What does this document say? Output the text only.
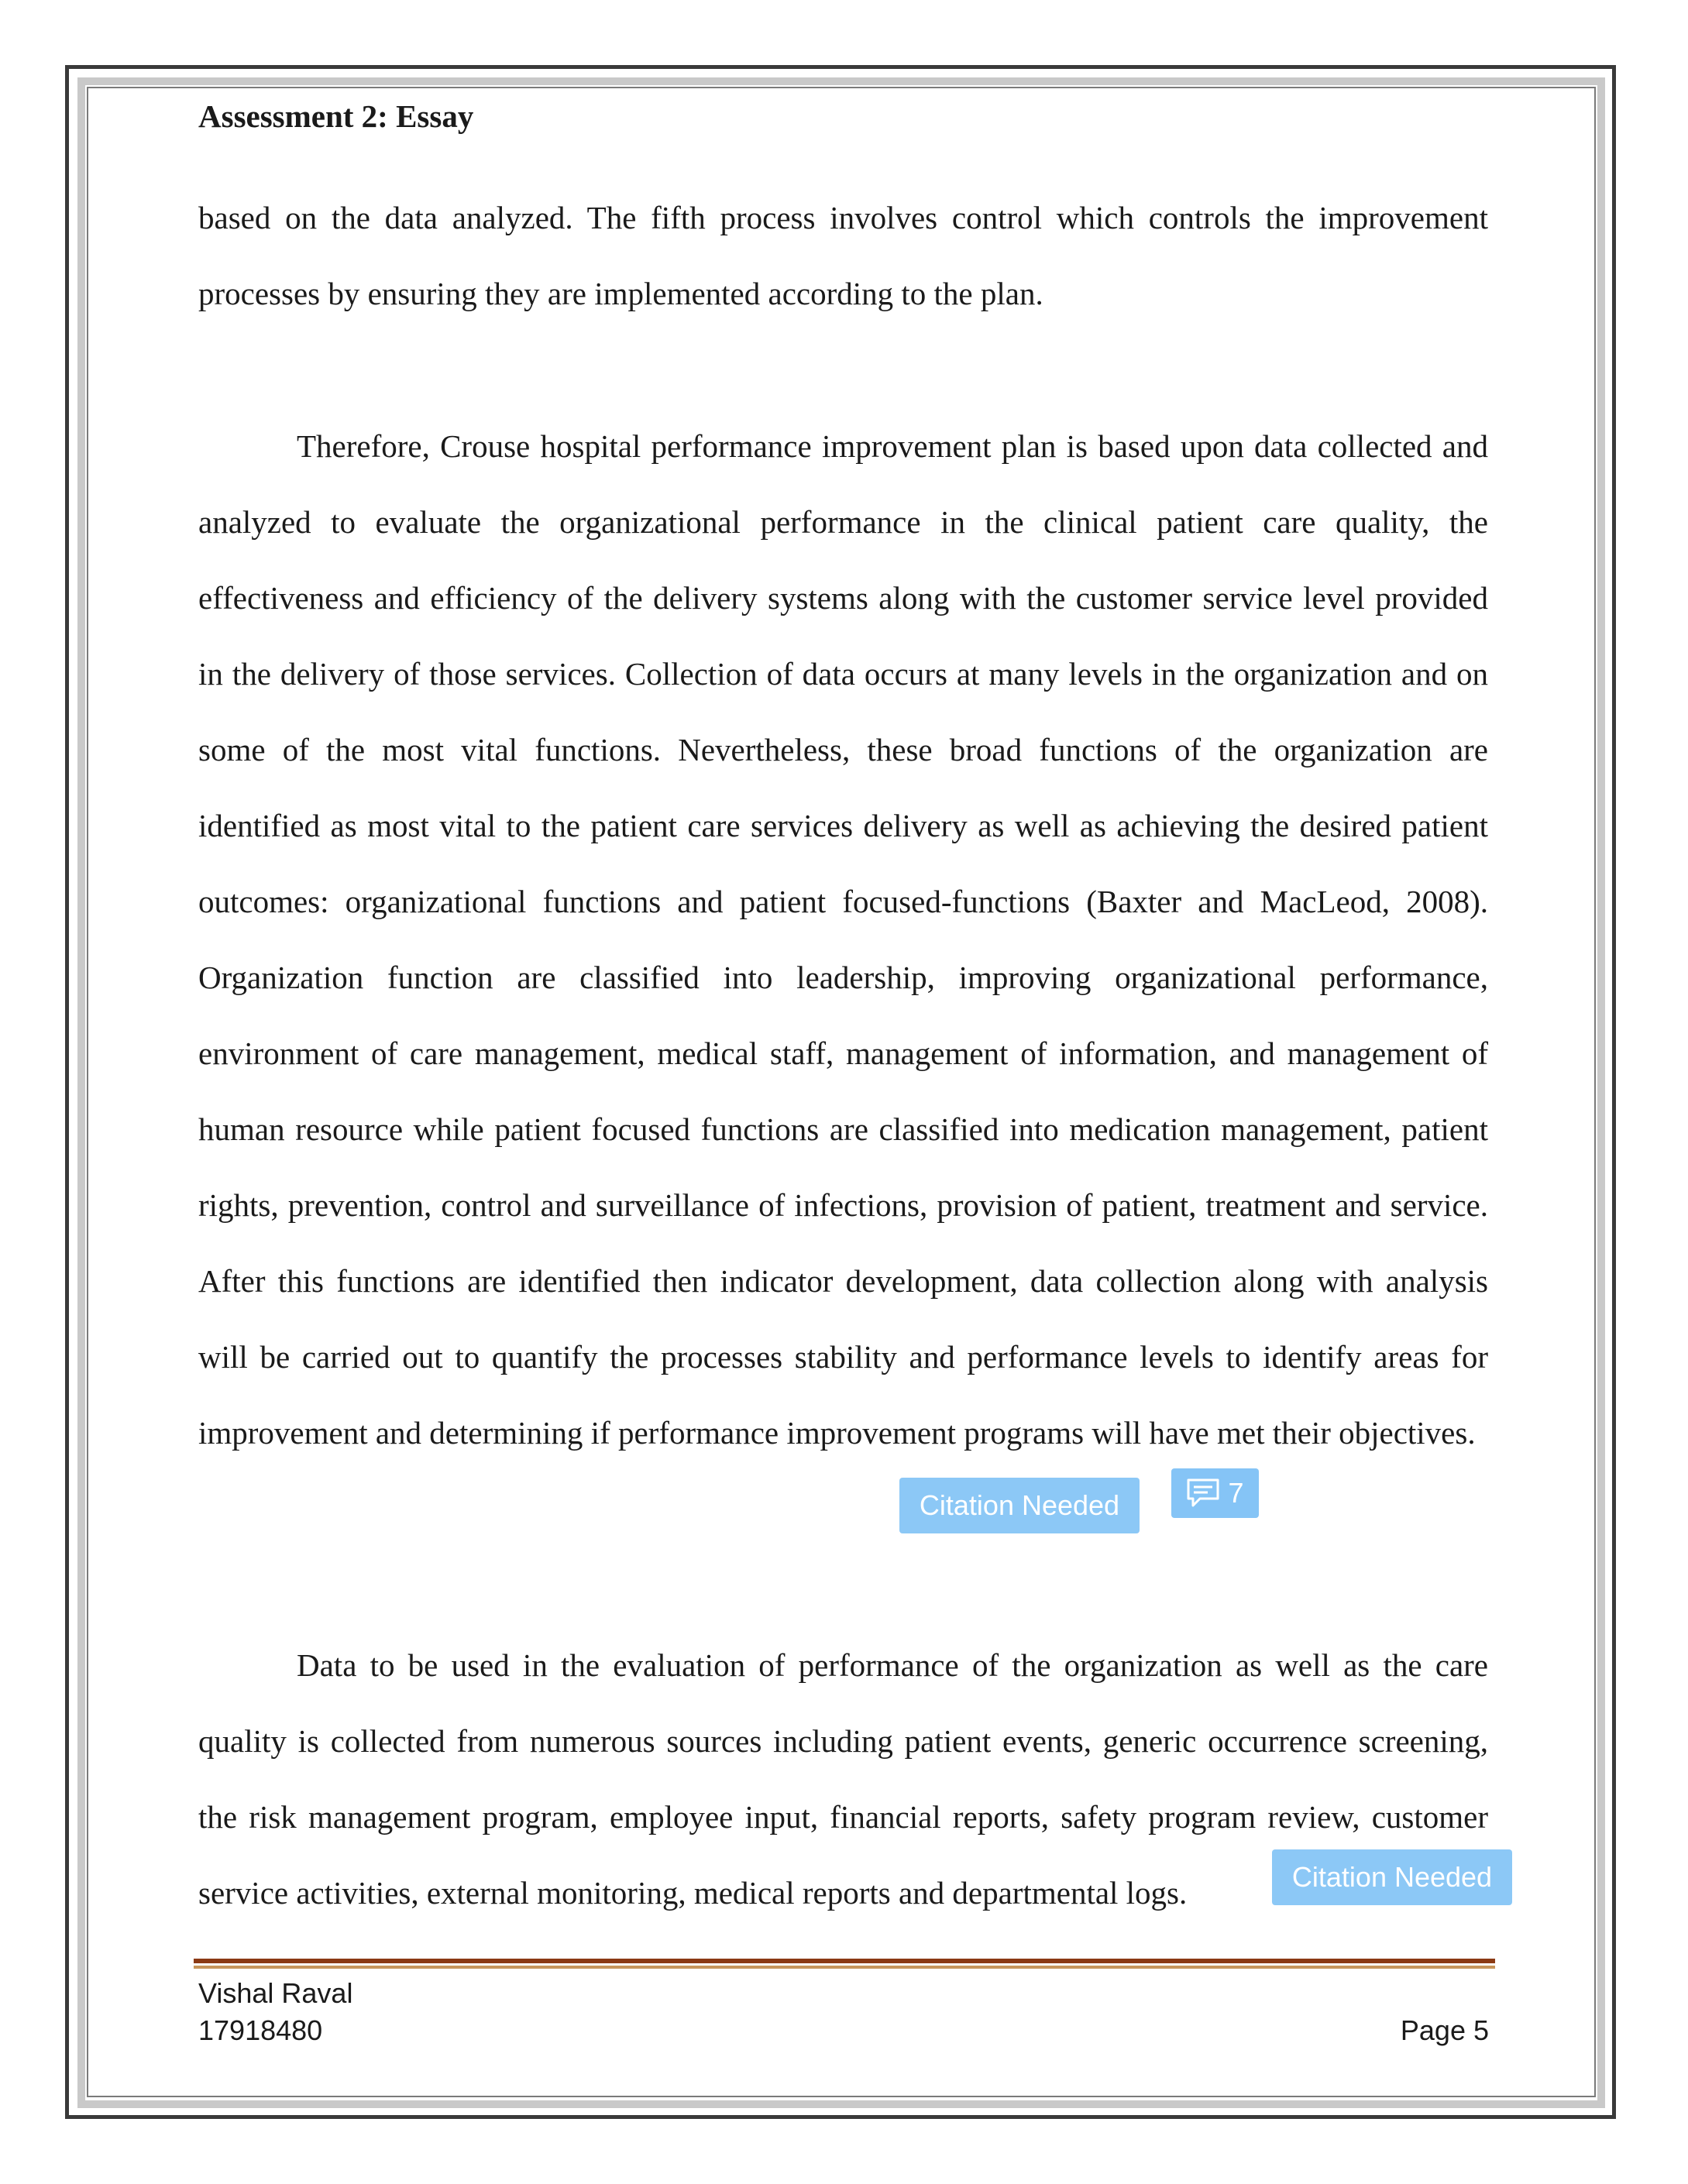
Assessment 2: Essay

based on the data analyzed. The fifth process involves control which controls the improvement processes by ensuring they are implemented according to the plan.

Therefore, Crouse hospital performance improvement plan is based upon data collected and analyzed to evaluate the organizational performance in the clinical patient care quality, the effectiveness and efficiency of the delivery systems along with the customer service level provided in the delivery of those services. Collection of data occurs at many levels in the organization and on some of the most vital functions. Nevertheless, these broad functions of the organization are identified as most vital to the patient care services delivery as well as achieving the desired patient outcomes: organizational functions and patient focused-functions (Baxter and MacLeod, 2008). Organization function are classified into leadership, improving organizational performance, environment of care management, medical staff, management of information, and management of human resource while patient focused functions are classified into medication management, patient rights, prevention, control and surveillance of infections, provision of patient, treatment and service. After this functions are identified then indicator development, data collection along with analysis will be carried out to quantify the processes stability and performance levels to identify areas for improvement and determining if performance improvement programs will have met their objectives.

Data to be used in the evaluation of performance of the organization as well as the care quality is collected from numerous sources including patient events, generic occurrence screening, the risk management program, employee input, financial reports, safety program review, customer service activities, external monitoring, medical reports and departmental logs.

Citation Needed	7
Citation Needed
Vishal Raval
17918480	Page 5
